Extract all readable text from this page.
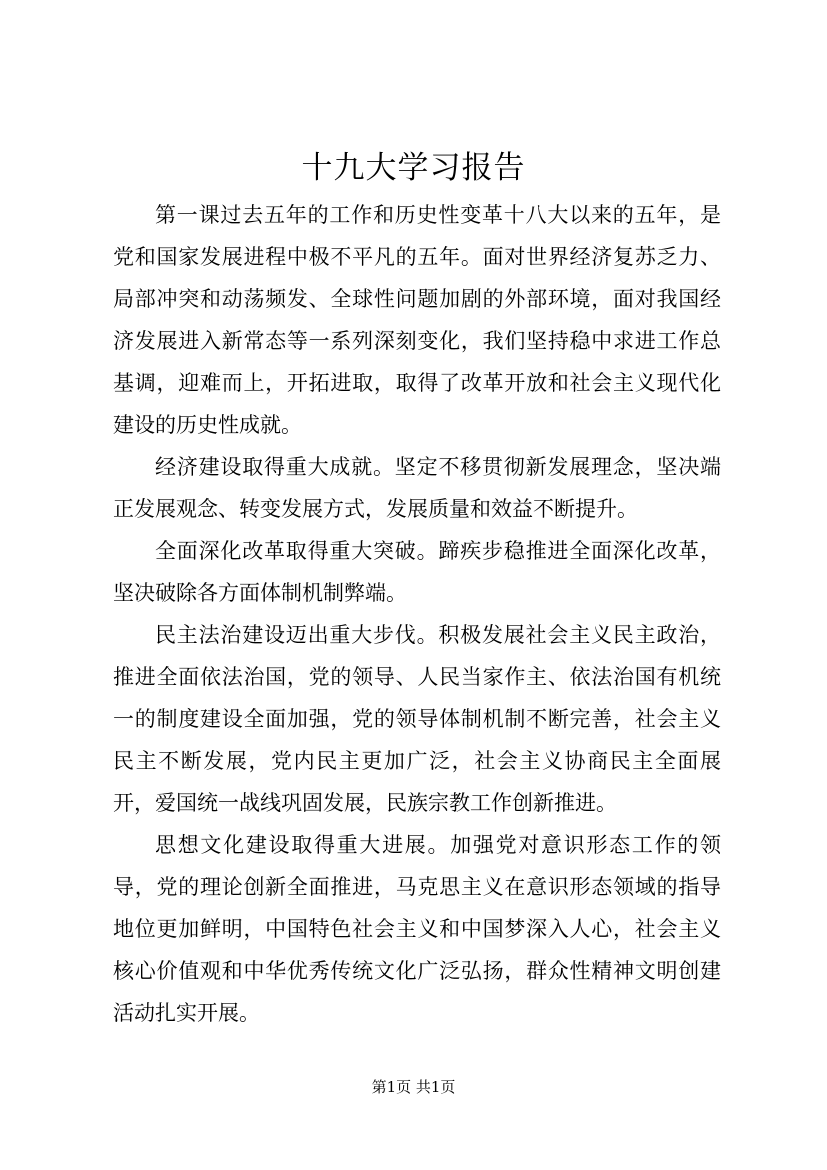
十九大学习报告

第一课过去五年的工作和历史性变革十八大以来的五年，是党和国家发展进程中极不平凡的五年。面对世界经济复苏乏力、局部冲突和动荡频发、全球性问题加剧的外部环境，面对我国经济发展进入新常态等一系列深刻变化，我们坚持稳中求进工作总基调，迎难而上，开拓进取，取得了改革开放和社会主义现代化建设的历史性成就。

经济建设取得重大成就。坚定不移贯彻新发展理念，坚决端正发展观念、转变发展方式，发展质量和效益不断提升。

全面深化改革取得重大突破。蹄疾步稳推进全面深化改革，坚决破除各方面体制机制弊端。

民主法治建设迈出重大步伐。积极发展社会主义民主政治，推进全面依法治国，党的领导、人民当家作主、依法治国有机统一的制度建设全面加强，党的领导体制机制不断完善，社会主义民主不断发展，党内民主更加广泛，社会主义协商民主全面展开，爱国统一战线巩固发展，民族宗教工作创新推进。

思想文化建设取得重大进展。加强党对意识形态工作的领导，党的理论创新全面推进，马克思主义在意识形态领域的指导地位更加鲜明，中国特色社会主义和中国梦深入人心，社会主义核心价值观和中华优秀传统文化广泛弘扬，群众性精神文明创建活动扎实开展。

第1页 共1页
